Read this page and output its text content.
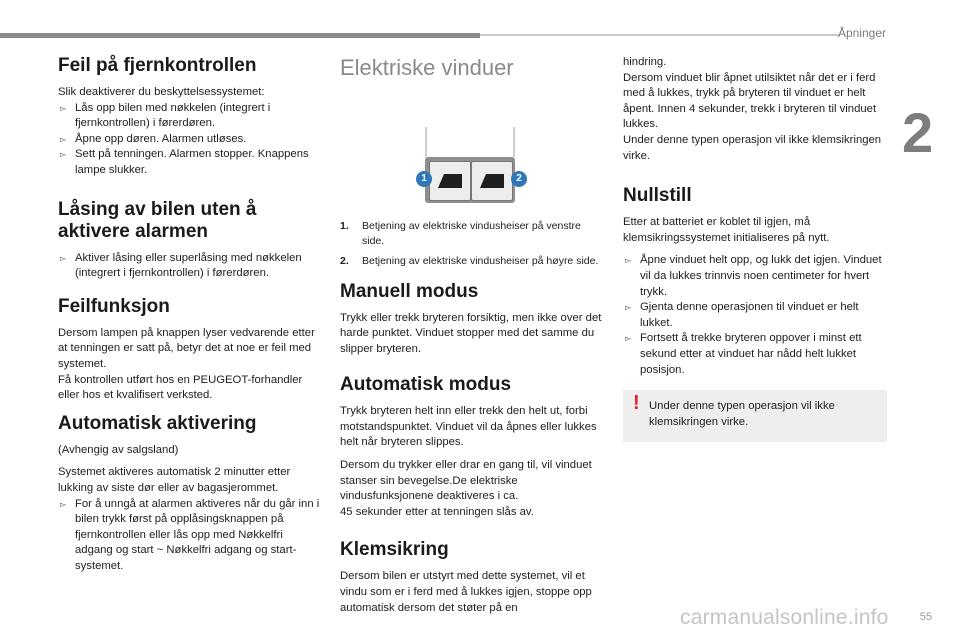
Åpninger
2
Feil på fjernkontrollen

Slik deaktiverer du beskyttelsessystemet:

▻ Lås opp bilen med nøkkelen (integrert i fjernkontrollen) i førerdøren.
▻ Åpne opp døren. Alarmen utløses.
▻ Sett på tenningen. Alarmen stopper. Knappens lampe slukker.
Låsing av bilen uten å aktivere alarmen
▻ Aktiver låsing eller superlåsing med nøkkelen (integrert i fjernkontrollen) i førerdøren.
Feilfunksjon

Dersom lampen på knappen lyser vedvarende etter at tenningen er satt på, betyr det at noe er feil med systemet.

Få kontrollen utført hos en PEUGEOT-forhandler eller hos et kvalifisert verksted.

Automatisk aktivering

(Avhengig av salgsland)

Systemet aktiveres automatisk 2 minutter etter lukking av siste dør eller av bagasjerommet.

▻ For å unngå at alarmen aktiveres når du går inn i bilen trykk først på opplåsingsknappen på fjernkontrollen eller lås opp med Nøkkelfri adgang og start ~ Nøkkelfri adgang og start-systemet.
Elektriske vinduer
1	2
1. Betjening av elektriske vindusheiser på venstre side.
2. Betjening av elektriske vindusheiser på høyre side.
Manuell modus

Trykk eller trekk bryteren forsiktig, men ikke over det harde punktet. Vinduet stopper med det samme du slipper bryteren.

Automatisk modus

Trykk bryteren helt inn eller trekk den helt ut, forbi motstandspunktet. Vinduet vil da åpnes eller lukkes helt når bryteren slippes.

Dersom du trykker eller drar en gang til, vil vinduet stanser sin bevegelse.De elektriske vindusfunksjonene deaktiveres i ca.

45 sekunder etter at tenningen slås av.

Klemsikring

Dersom bilen er utstyrt med dette systemet, vil et vindu som er i ferd med å lukkes igjen, stoppe opp automatisk dersom det støter på en

hindring.

Dersom vinduet blir åpnet utilsiktet når det er i ferd med å lukkes, trykk på bryteren til vinduet er helt åpent. Innen 4 sekunder, trekk i bryteren til vinduet lukkes.

Under denne typen operasjon vil ikke klemsikringen virke.

Nullstill

Etter at batteriet er koblet til igjen, må klemsikringssystemet initialiseres på nytt.

▻ Åpne vinduet helt opp, og lukk det igjen. Vinduet vil da lukkes trinnvis noen centimeter for hvert trykk.
▻ Gjenta denne operasjonen til vinduet er helt lukket.
▻ Fortsett å trekke bryteren oppover i minst ett sekund etter at vinduet har nådd helt lukket posisjon.
! Under denne typen operasjon vil ikke klemsikringen virke.
carmanualsonline.info	55
